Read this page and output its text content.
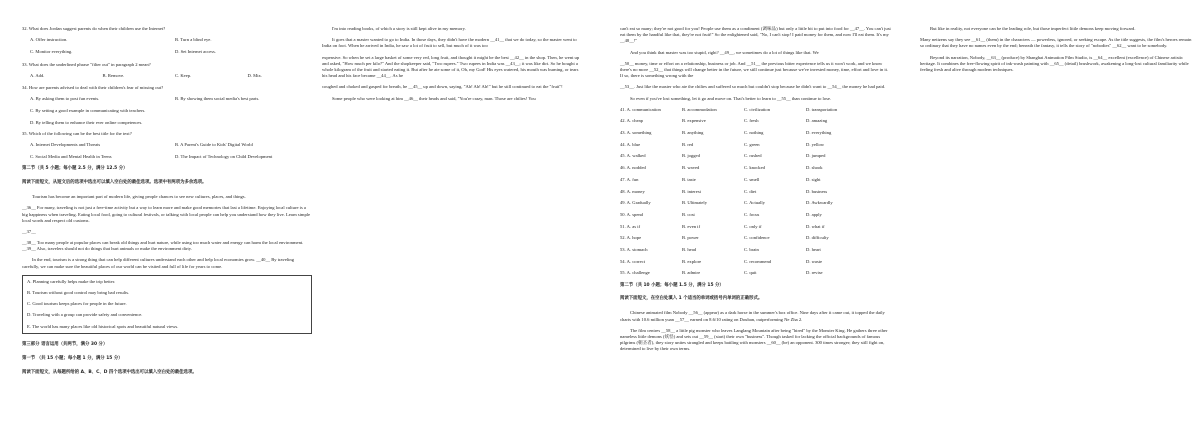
32. What does Jordan suggest parents do when their children use the Internet?

A. Offer instruction.	B. Turn a blind eye.
C. Monitor everything.	D. Set Internet access.

33. What does the underlined phrase "filter out" in paragraph 2 mean?

A. Add.	B. Remove.	C. Keep.	D. Mix.

34. How are parents advised to deal with their children's fear of missing out?

A. By asking them to post fun events.	B. By showing them social media's best parts.

C. By setting a good example in communicating with teachers.

D. By telling them to enhance their ever online competences.

35. Which of the following can be the best title for the text?

A. Internet Developments and Threats	B. A Parent's Guide to Kids' Digital World
C. Social Media and Mental Health in Teens	D. The Impact of Technology on Child Development

第二节（共 5 小题；每小题 2.5 分，满分 12.5 分）

阅读下面短文，从短文后的选项中选出可以填入空白处的最佳选项。选项中有两项为多余选项。

Tourism has become an important part of modern life, giving people chances to see new cultures, places, and things.

__36__ For many, traveling is not just a free-time activity but a way to learn more and make good memories that last a lifetime. Enjoying local culture is a big happiness when traveling. Eating local food, going to cultural festivals, or talking with local people can help you understand how they live. Learn simple local words and respect old customs.

__37__

__38__ Too many people at popular places can break old things and hurt nature, while using too much water and energy can harm the local environment. __39__ Also, travelers should not do things that hurt animals or make the environment dirty.

In the end, tourism is a strong thing that can help different cultures understand each other and help local economies grow. __40__ By traveling carefully, we can make sure the beautiful places of our world can be visited and full of life for years to come.

A. Planning carefully helps make the trip better.
B. Tourism without good control may bring bad results.
C. Good tourism keeps places for people in the future.
D. Traveling with a group can provide safety and convenience.
E. The world has many places like old historical spots and beautiful natural views.

第三部分 语言运用（共两节，满分 30 分）

第一节 （共 15 小题；每小题 1 分，满分 15 分）

阅读下面短文，从每题所给的 A、B、C、D 四个选项中选出可以填入空白处的最佳选项。

I'm into reading books, of which a story is still kept alive in my memory.

It goes that a master wanted to go to India. In those days, they didn't have the modern __41__ that we do today, so the master went to India on foot. When he arrived in India, he saw a lot of fruit to sell, but much of it was too

expensive. So when he set a large basket of some very red, long fruit, and thought it might be the best __42__ in the shop. Then, he went up and asked, "How much per kilo?" And the shopkeeper said, "Two rupees." Two rupees in India was __43__; it was like dirt. So he bought a whole kilogram of the fruit and started eating it. But after he ate some of it, Oh, my God! His eyes watered, his mouth was burning, or tears his head and his face became __44__. As he

coughed and choked and gasped for breath, he __45__ up and down, saying, "Ah! Ah! Ah!" but he still continued to eat the "fruit"!

Some people who were looking at him __46__ their heads and said, "You're crazy, man. Those are chilies! You

can't eat so many; they're not good for you! People use them as a condiment (调味品) but only a little bit to put into food for __47__. You can't just eat them by the handful like that, they're not fruit!" So the enlightened said, "No, I can't stop! I paid money for them, and now I'll eat them. It's my __48__!"

And you think that master was too stupid, right? __49__, we sometimes do a lot of things like that. We

__50__ money, time or effort on a relationship, business or job. And __51__ the previous bitter experience tells us it won't work, and we know there's no more __52__ that things will change better in the future, we still continue just because we've invested money, time, effort and love in it. If so, there is something wrong with the

__53__. Just like the master who ate the chilies and suffered so much but couldn't stop because he didn't want to __54__ the money he had paid.

So even if you've lost something, let it go and move on. That's better to learn to __55__ than continue to lose.

41. A. communication	B. accommodation	C. civilization	D. transportation
42. A. cheap	B. expensive	C. fresh	D. amazing
43. A. something	B. anything	C. nothing	D. everything
44. A. blue	B. red	C. green	D. yellow
45. A. walked	B. jogged	C. rushed	D. jumped
46. A. nodded	B. waved	C. knocked	D. shook
47. A. fun	B. taste	C. smell	D. sight
48. A. money	B. interest	C. diet	D. business
49. A. Gradually	B. Ultimately	C. Actually	D. Awkwardly
50. A. spend	B. cost	C. focus	D. apply
51. A. as if	B. even if	C. only if	D. what if
52. A. hope	B. power	C. confidence	D. difficulty
53. A. stomach	B. head	C. brain	D. heart
54. A. correct	B. explore	C. recommend	D. waste
55. A. challenge	B. admire	C. quit	D. revise

第二节（共 10 小题；每小题 1.5 分，满分 15 分）

阅读下面短文，在空白处填入 1 个适当的单词或括号内单词的正确形式。

Chinese animated film Nobody __56__ (appear) as a dark horse in the summer's box office. Nine days after it came out, it topped the daily charts with 10.6 million yuan __57__ earned on 8.6/10 rating on Douban, outperforming Ne Zha 2.

The film centres __58__ a little pig monster who leaves Langlang Mountain after being "hired" by the Monster King. He gathers three other nameless little demons (妖怪) and sets out __59__ (start) their own "business". Though tasked for lacking the official backgrounds of famous pilgrims (朝圣者), they story unites strangled and keeps battling with monsters __60__ (be) an opponent. 300 times stronger; they still fight on, determined to live by their own terms.

But like in reality, not everyone can be the leading role, but those imperfect little demons keep moving forward.

Many netizens say they see __61__ (them) in the characters — powerless, ignored, or seeking escape. As the title suggests, the film's heroes remain so ordinary that they have no names even by the end; beneath the fantasy, it tells the story of "nobodies" __62__ want to be somebody.

Beyond its narration, Nobody, __63__ (produce) by Shanghai Animation Film Studio, is __64__ excellent (excellence) of Chinese artistic heritage. It combines the free-flowing spirit of ink-wash painting with __65__ (detail) brushwork, awakening a long-lost cultural familiarity while feeling fresh and alive through modern techniques.
